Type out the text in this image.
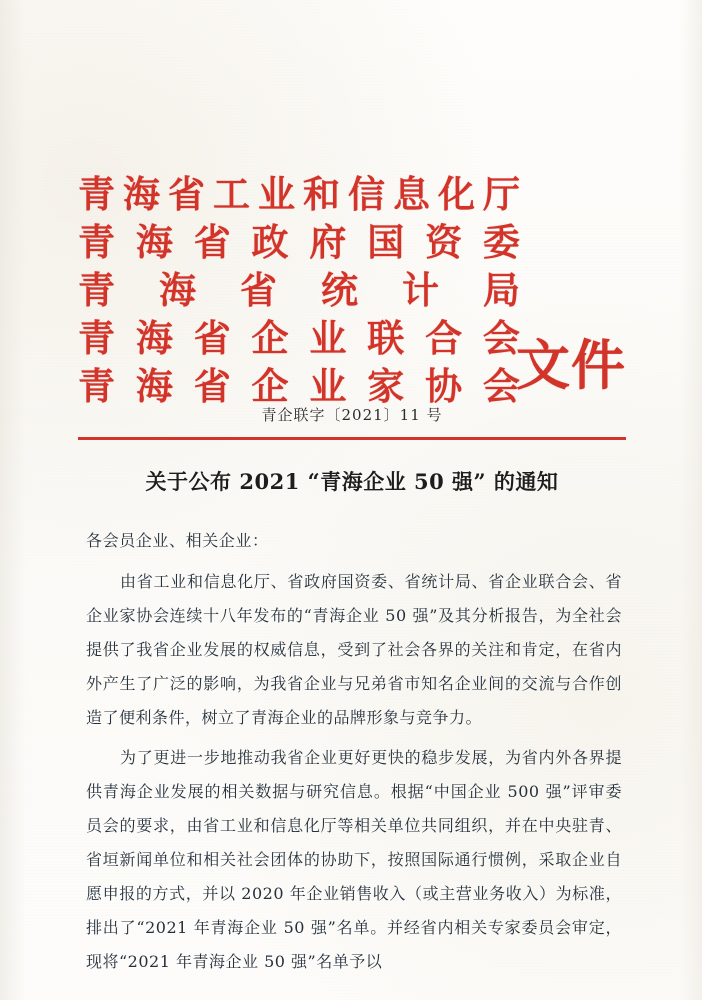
青 海 省 工 业 和 信 息 化 厅
青 海 省 政 府 国 资 委
青 海 省 统 计 局
文件
青 海 省 企 业 联 合 会
青 海 省 企 业 家 协 会
青企联字〔2021〕11 号
关于公布 2021 “青海企业 50 强” 的通知
各会员企业、相关企业：
由省工业和信息化厅、省政府国资委、省统计局、省企业联合会、省企业家协会连续十八年发布的“青海企业 50 强”及其分析报告，为全社会提供了我省企业发展的权威信息，受到了社会各界的关注和肯定，在省内外产生了广泛的影响，为我省企业与兄弟省市知名企业间的交流与合作创造了便利条件，树立了青海企业的品牌形象与竞争力。
为了更进一步地推动我省企业更好更快的稳步发展，为省内外各界提供青海企业发展的相关数据与研究信息。根据“中国企业 500 强”评审委员会的要求，由省工业和信息化厅等相关单位共同组织，并在中央驻青、省垣新闻单位和相关社会团体的协助下，按照国际通行惯例，采取企业自愿申报的方式，并以 2020 年企业销售收入（或主营业务收入）为标准，排出了“2021 年青海企业 50 强”名单。并经省内相关专家委员会审定，现将“2021 年青海企业 50 强”名单予以
